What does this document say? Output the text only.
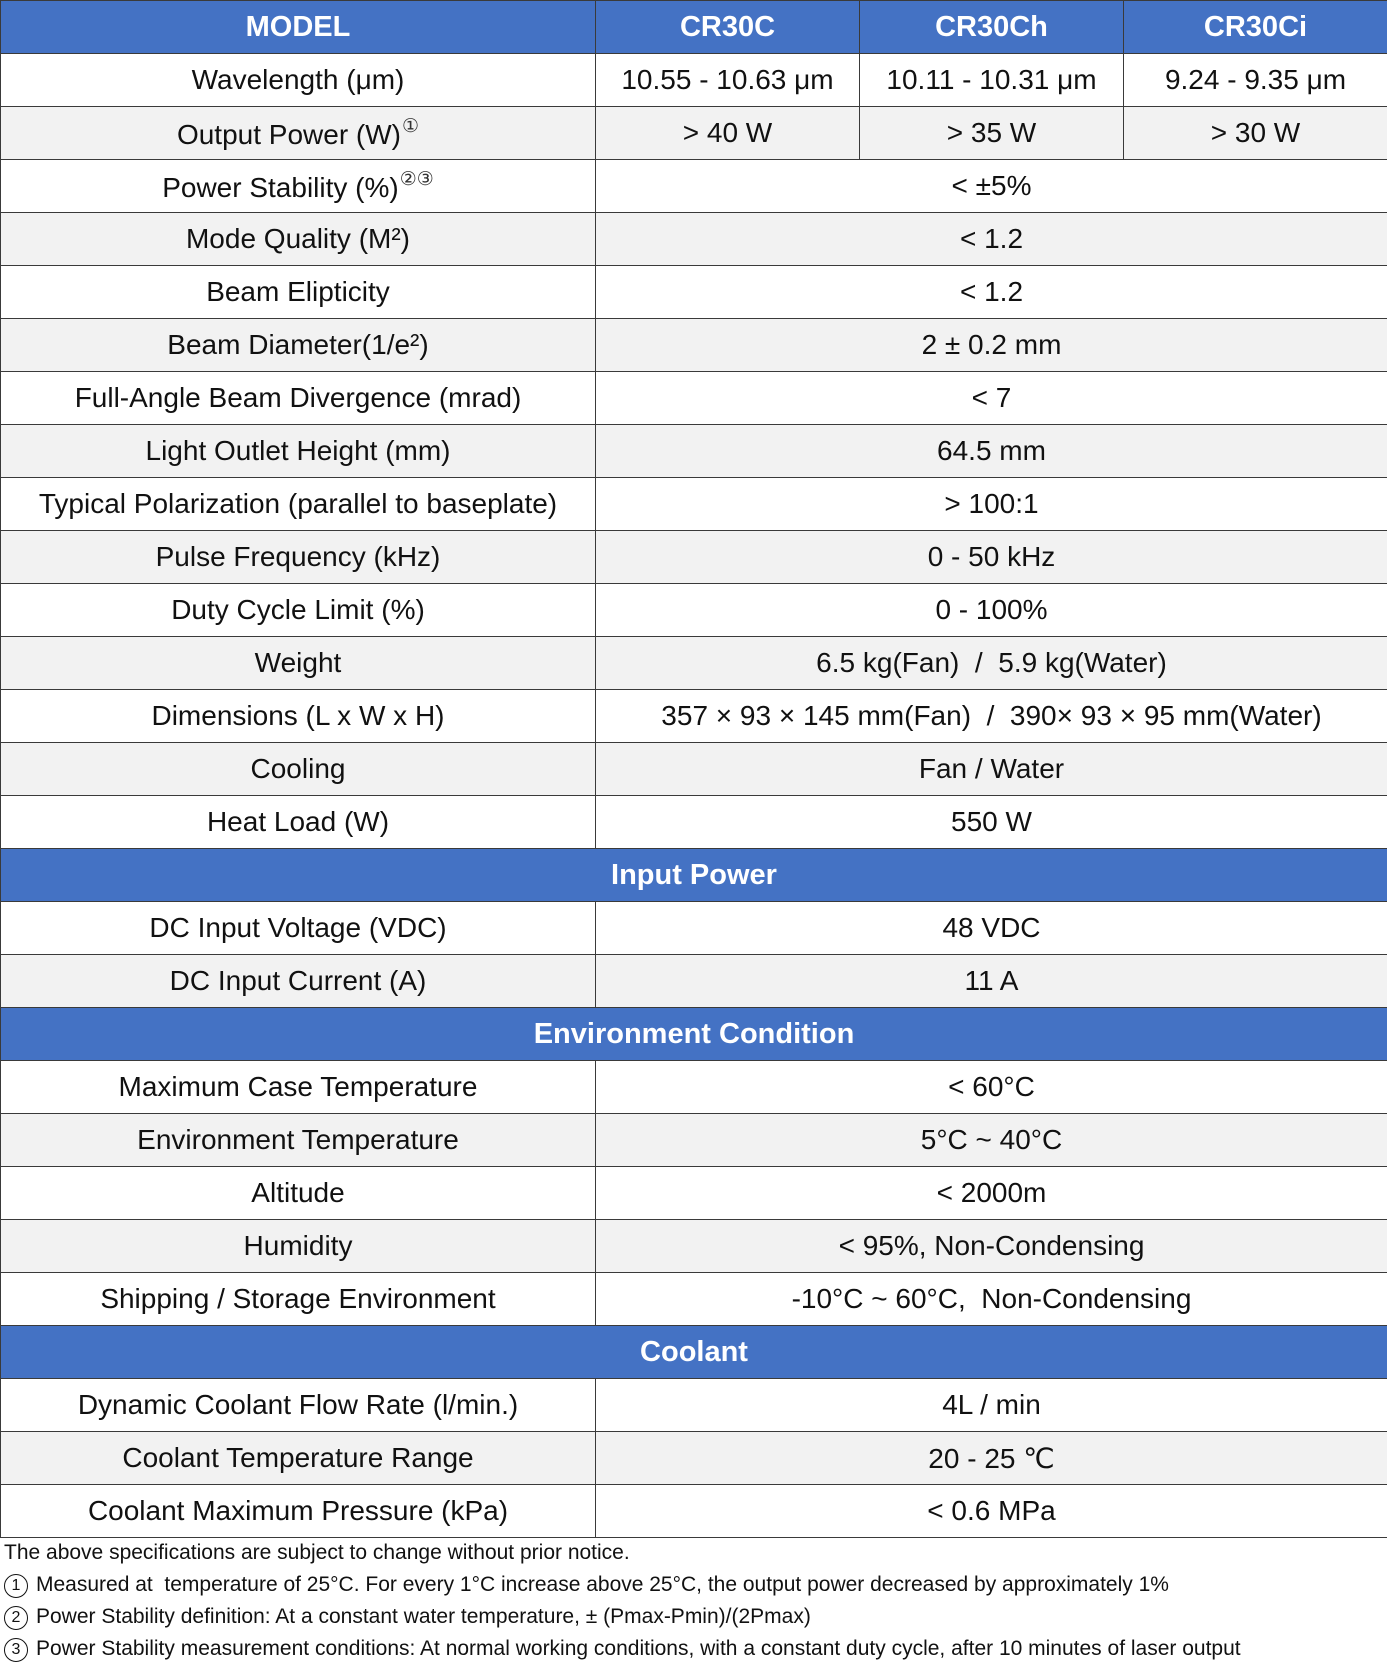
MODEL	CR30C	CR30Ch	CR30Ci
Wavelength (μm)	10.55 - 10.63 μm	10.11 - 10.31 μm	9.24 - 9.35 μm
Output Power (W)①	> 40 W	> 35 W	> 30 W
Power Stability (%)②③	< ±5%		
Mode Quality (M²)	< 1.2		
Beam Elipticity	< 1.2		
Beam Diameter(1/e²)	2 ± 0.2 mm		
Full-Angle Beam Divergence (mrad)	< 7		
Light Outlet Height (mm)	64.5 mm		
Typical Polarization (parallel to baseplate)	> 100:1		
Pulse Frequency (kHz)	0 - 50 kHz		
Duty Cycle Limit (%)	0 - 100%		
Weight	6.5 kg(Fan)  /  5.9 kg(Water)		
Dimensions (L x W x H)	357 × 93 × 145 mm(Fan)  /  390× 93 × 95 mm(Water)		
Cooling	Fan / Water		
Heat Load (W)	550 W		
Input Power			
DC Input Voltage (VDC)	48 VDC		
DC Input Current (A)	11 A		
Environment Condition			
Maximum Case Temperature	< 60°C		
Environment Temperature	5°C ~ 40°C		
Altitude	< 2000m		
Humidity	< 95%, Non-Condensing		
Shipping / Storage Environment	-10°C ~ 60°C,  Non-Condensing		
Coolant			
Dynamic Coolant Flow Rate (l/min.)	4L / min		
Coolant Temperature Range	20 - 25 ℃		
Coolant Maximum Pressure (kPa)	< 0.6 MPa		
The above specifications are subject to change without prior notice.
1 Measured at  temperature of 25°C. For every 1°C increase above 25°C, the output power decreased by approximately 1%
2 Power Stability definition: At a constant water temperature, ± (Pmax-Pmin)/(2Pmax)
3 Power Stability measurement conditions: At normal working conditions, with a constant duty cycle, after 10 minutes of laser output
